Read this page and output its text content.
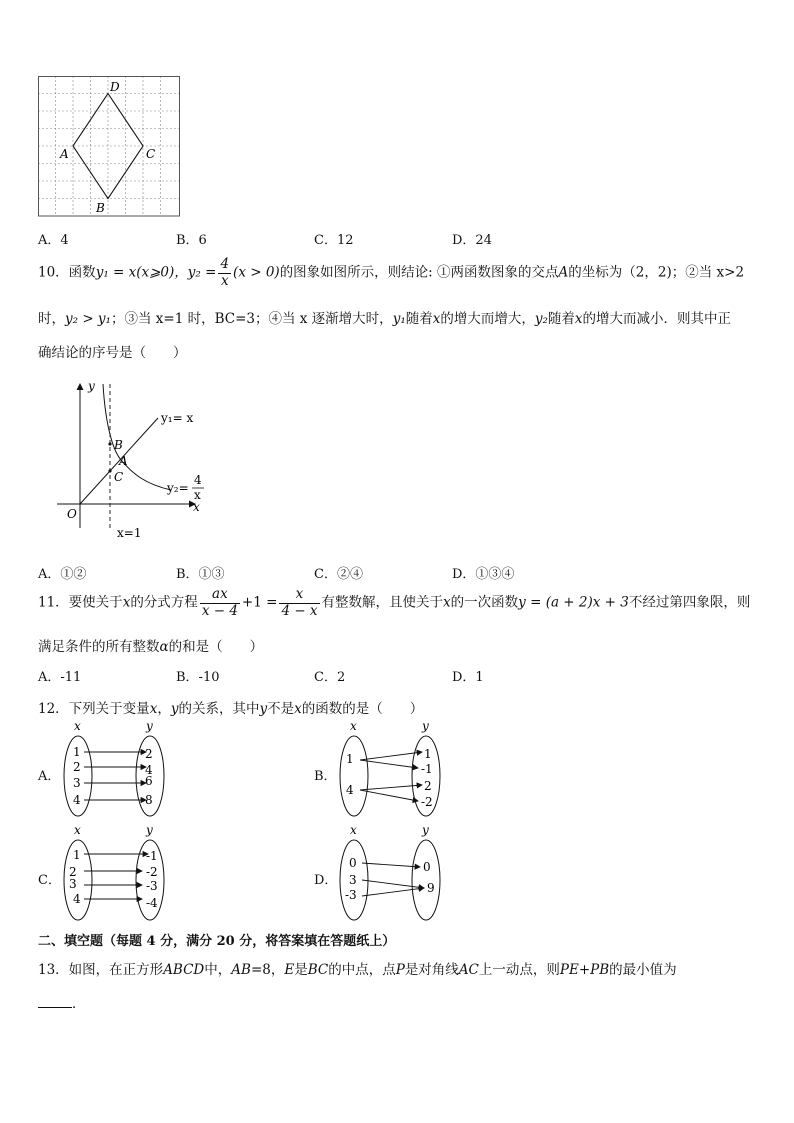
D
A	C
B
A．4	B．6	C．12	D．24
10．函数y₁ = x(x⩾0)，$y_2 = \frac{4}{x} (x > 0)$的图象如图所示，则结论: ①两函数图象的交点A的坐标为（2，2)；②当 x>2
时，y₂ > y₁；③当 x=1 时，BC=3；④当 x 逐渐增大时，y₁随着x的增大而增大，y₂随着x的增大而减小．则其中正
确结论的序号是（　　）
y
x
O
B
A
C
y₁= x
y₂=
4
x
x=1
A．①②	B．①③	C．②④	D．①③④
11．要使关于x的分式方程 $\frac{ax}{x - 4} +1 = \frac{x}{4 - x}$ 有整数解，且使关于x的一次函数y = (a + 2)x + 3不经过第四象限，则
满足条件的所有整数α的和是（　　）
A．-11	B．-10	C．2	D．1
12．下列关于变量x，y的关系，其中y不是x的函数的是（　　）
A．
x	y
1
2
3
4
2
4
6
8
B．
x	y
1
4
1
-1
2
-2
C．
x	y
1
2
3
4
-1
-2
-3
-4
D．
x	y
0
3
-3
0
9
二、填空题（每题 4 分，满分 20 分，将答案填在答题纸上）
13．如图，在正方形ABCD中，AB=8，E是BC的中点，点P是对角线AC上一动点，则PE+PB的最小值为
．
